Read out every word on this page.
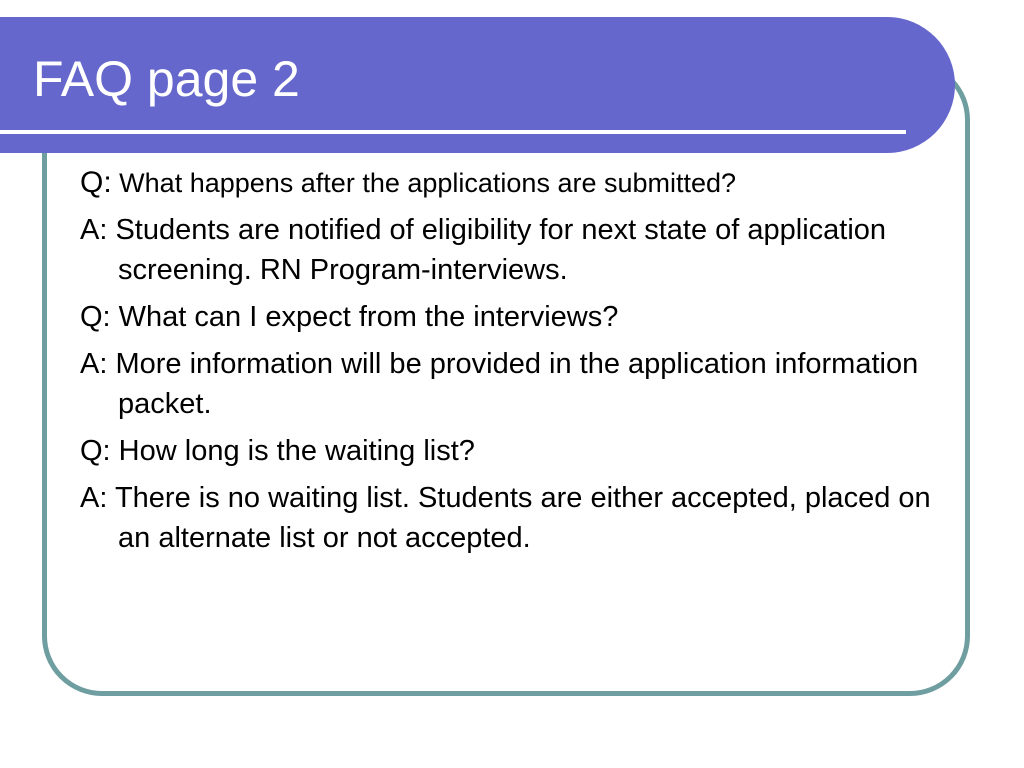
FAQ page 2
Q: What happens after the applications are submitted?
A: Students are notified of eligibility for next state of application screening. RN Program-interviews.
Q: What can I expect from the interviews?
A: More information will be provided in the application information packet.
Q: How long is the waiting list?
A: There is no waiting list. Students are either accepted, placed on an alternate list or not accepted.
